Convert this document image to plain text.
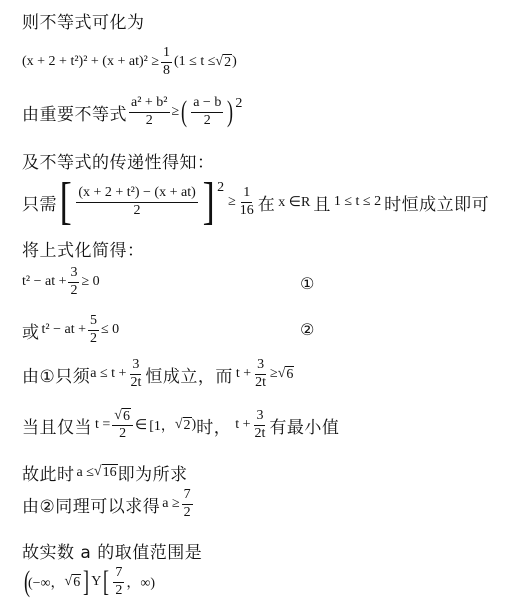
则不等式可化为
$(x + 2 + t^2)^2 + (x + at)^2 \ge \frac{1}{8} (1 \le t$ ≤ √ 2 )
由重要不等式 $\frac{\text{a² + b²}}{2}$ ≥ ( $\frac{a - b}{2} )^2$
及不等式的传递性得知：
只需 [ $\frac{\text{(x + 2 + t²) − (x + at)}}{2} ]^2$
≥ $\frac{1}{16}$ 在 x ∈R 且 1 ≤ t ≤ 2 时恒成立即可
将上式化简得：
t² − at + $\frac{3}{2} \ge 0$	①
或 t² − at + $\frac{5}{2} \le 0$	②
由①只须 $a \le t + \frac{3}{2t}$ 恒成立，而 $t + \frac{3}{2t}$ ≥ √ 6
当且仅当 $t = \frac{√ 6}{2}$ ∈ [1， √ 2 ) 时， $t + \frac{3}{2t}$ 有最小值
故此时 a ≤ √ 16 即为所求
由②同理可以求得 $a \ge \frac{7}{2}$
故实数 a 的取值范围是
(
(−∞， √ 6 ] Y [ $\frac{7}{2}$ ，∞)
